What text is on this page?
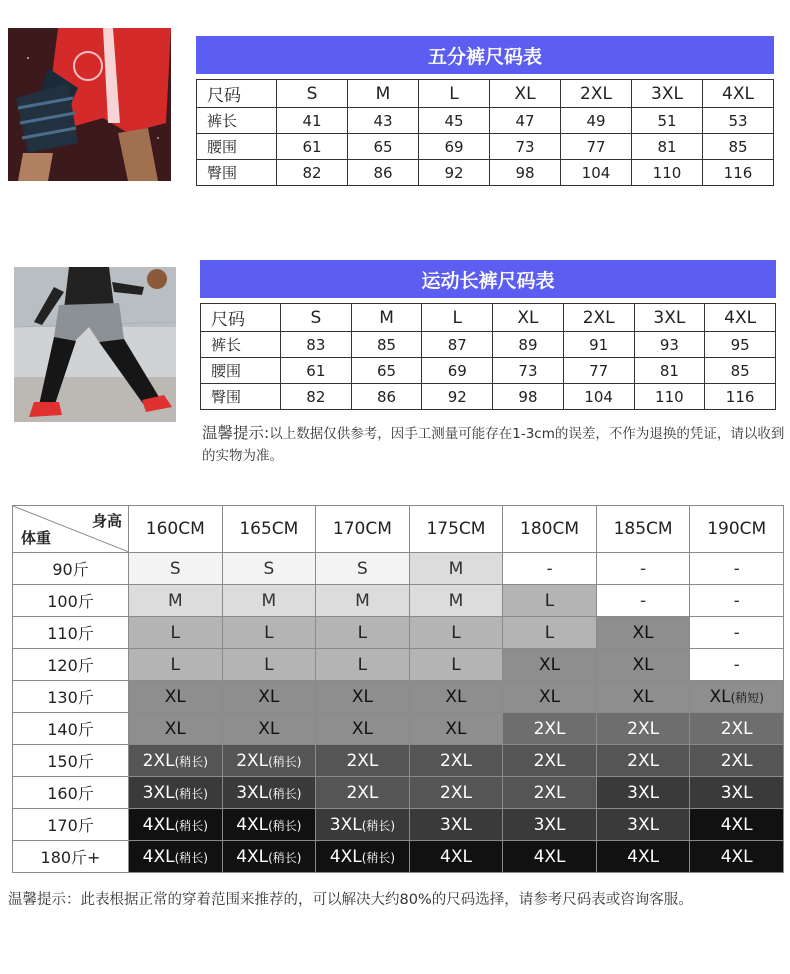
五分裤尺码表
尺码	S	M	L	XL	2XL	3XL	4XL
裤长	41	43	45	47	49	51	53
腰围	61	65	69	73	77	81	85
臀围	82	86	92	98	104	110	116
运动长裤尺码表
尺码	S	M	L	XL	2XL	3XL	4XL
裤长	83	85	87	89	91	93	95
腰围	61	65	69	73	77	81	85
臀围	82	86	92	98	104	110	116
温馨提示:以上数据仅供参考，因手工测量可能存在1-3cm的误差，不作为退换的凭证，请以收到的实物为准。
身高
体重	160CM	165CM	170CM	175CM	180CM	185CM	190CM
90斤	S	S	S	M	-	-	-
100斤	M	M	M	M	L	-	-
110斤	L	L	L	L	L	XL	-
120斤	L	L	L	L	XL	XL	-
130斤	XL	XL	XL	XL	XL	XL	XL(稍短)
140斤	XL	XL	XL	XL	2XL	2XL	2XL
150斤	2XL(稍长)	2XL(稍长)	2XL	2XL	2XL	2XL	2XL
160斤	3XL(稍长)	3XL(稍长)	2XL	2XL	2XL	3XL	3XL
170斤	4XL(稍长)	4XL(稍长)	3XL(稍长)	3XL	3XL	3XL	4XL
180斤+	4XL(稍长)	4XL(稍长)	4XL(稍长)	4XL	4XL	4XL	4XL
温馨提示：此表根据正常的穿着范围来推荐的，可以解决大约80%的尺码选择，请参考尺码表或咨询客服。
